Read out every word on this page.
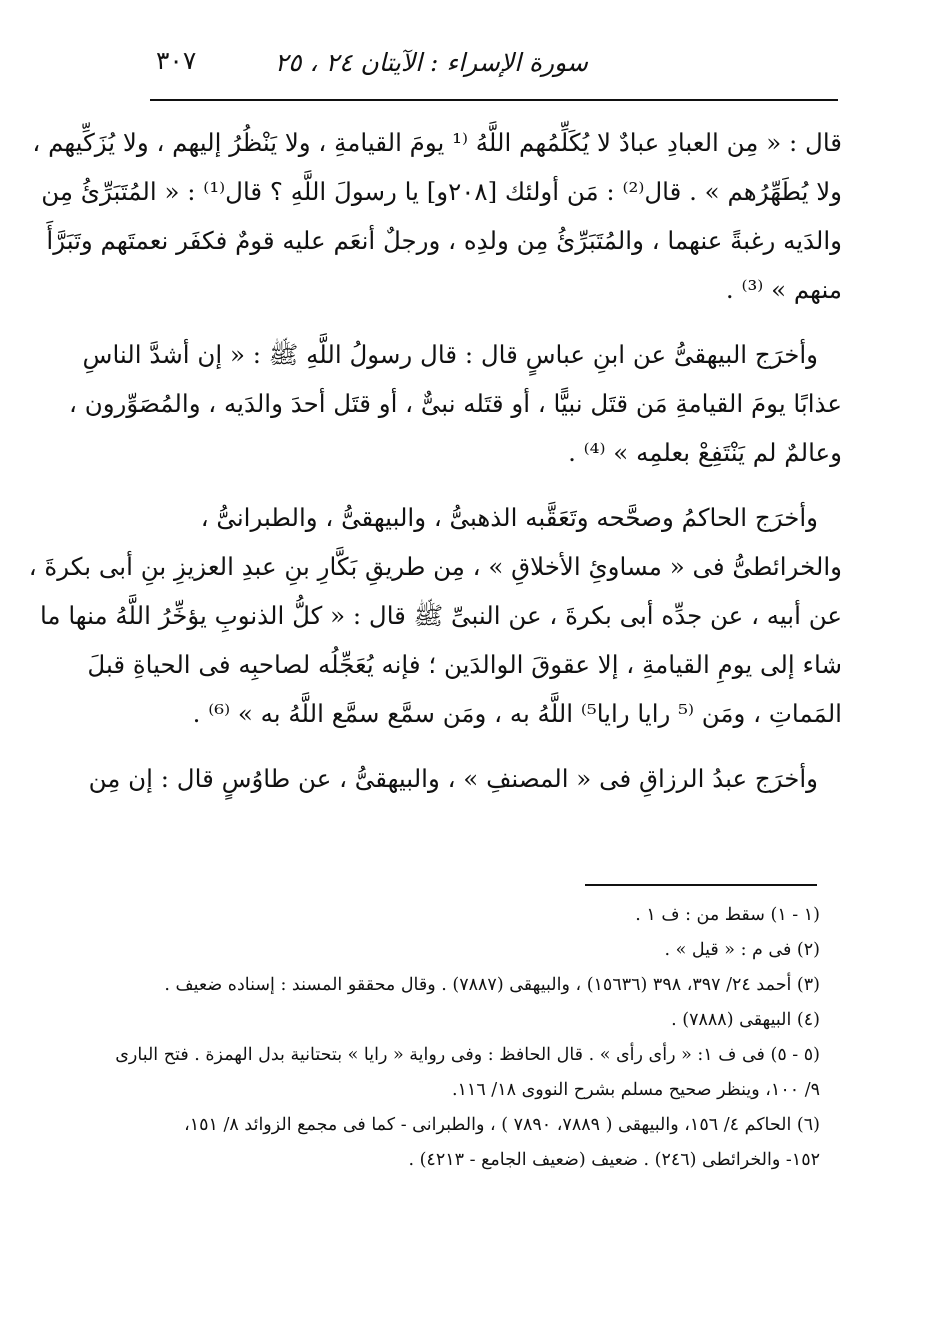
سورة الإسراء : الآيتان ٢٤ ، ٢٥
٣٠٧
قال : « مِن العبادِ عبادٌ لا يُكَلِّمُهم اللَّهُ ⁽¹ يومَ القيامةِ ، ولا يَنْظُرُ إليهم ، ولا يُزَكِّيهم ،
ولا يُطَهِّرُهم » . قال⁽²⁾ : مَن أولئك [٢٠٨و] يا رسولَ اللَّهِ ؟ قال⁽¹⁾ : « المُتَبَرِّئُ مِن
والدَيه رغبةً عنهما ، والمُتَبَرِّئُ مِن ولدِه ، ورجلٌ أنعَم عليه قومٌ فكفَر نعمتَهم وتَبَرَّأَ
منهم » ⁽³⁾ .
وأخرَج البيهقىُّ عن ابنِ عباسٍ قال : قال رسولُ اللَّهِ ﷺ : « إن أشدَّ الناسِ
عذابًا يومَ القيامةِ مَن قتَل نبيًّا ، أو قتَله نبىٌّ ، أو قتَل أحدَ والدَيه ، والمُصَوِّرون ،
وعالمٌ لم يَنْتَفِعْ بعلمِه » ⁽⁴⁾ .
وأخرَج الحاكمُ وصحَّحه وتَعَقَّبه الذهبىُّ ، والبيهقىُّ ، والطبرانىُّ ،
والخرائطىُّ فى « مساوئِ الأخلاقِ » ، مِن طريقِ بَكَّارِ بنِ عبدِ العزيزِ بنِ أبى بكرةَ ،
عن أبيه ، عن جدِّه أبى بكرةَ ، عن النبىِّ ﷺ قال : « كلُّ الذنوبِ يؤخِّرُ اللَّهُ منها ما
شاء إلى يومِ القيامةِ ، إلا عقوقَ الوالدَين ؛ فإنه يُعَجِّلُه لصاحبِه فى الحياةِ قبلَ
المَماتِ ، ومَن ⁽⁵ رايا رايا⁵⁾ اللَّهُ به ، ومَن سمَّع سمَّع اللَّهُ به » ⁽⁶⁾ .
وأخرَج عبدُ الرزاقِ فى « المصنفِ » ، والبيهقىُّ ، عن طاوُسٍ قال : إن مِن
(١ - ١) سقط من : ف ١ .
(٢) فى م : « قيل » .
(٣) أحمد ٢٤/ ٣٩٧، ٣٩٨ (١٥٦٣٦) ، والبيهقى (٧٨٨٧) . وقال محققو المسند : إسناده ضعيف .
(٤) البيهقى (٧٨٨٨) .
(٥ - ٥) فى ف ١: « رأى رأى » . قال الحافظ : وفى رواية « رايا » بتحتانية بدل الهمزة . فتح البارى
٩/ ١٠٠، وينظر صحيح مسلم بشرح النووى ١٨/ ١١٦.
(٦) الحاكم ٤/ ١٥٦، والبيهقى ( ٧٨٨٩، ٧٨٩٠ ) ، والطبرانى - كما فى مجمع الزوائد ٨/ ١٥١،
١٥٢- والخرائطى (٢٤٦) . ضعيف (ضعيف الجامع - ٤٢١٣) .
